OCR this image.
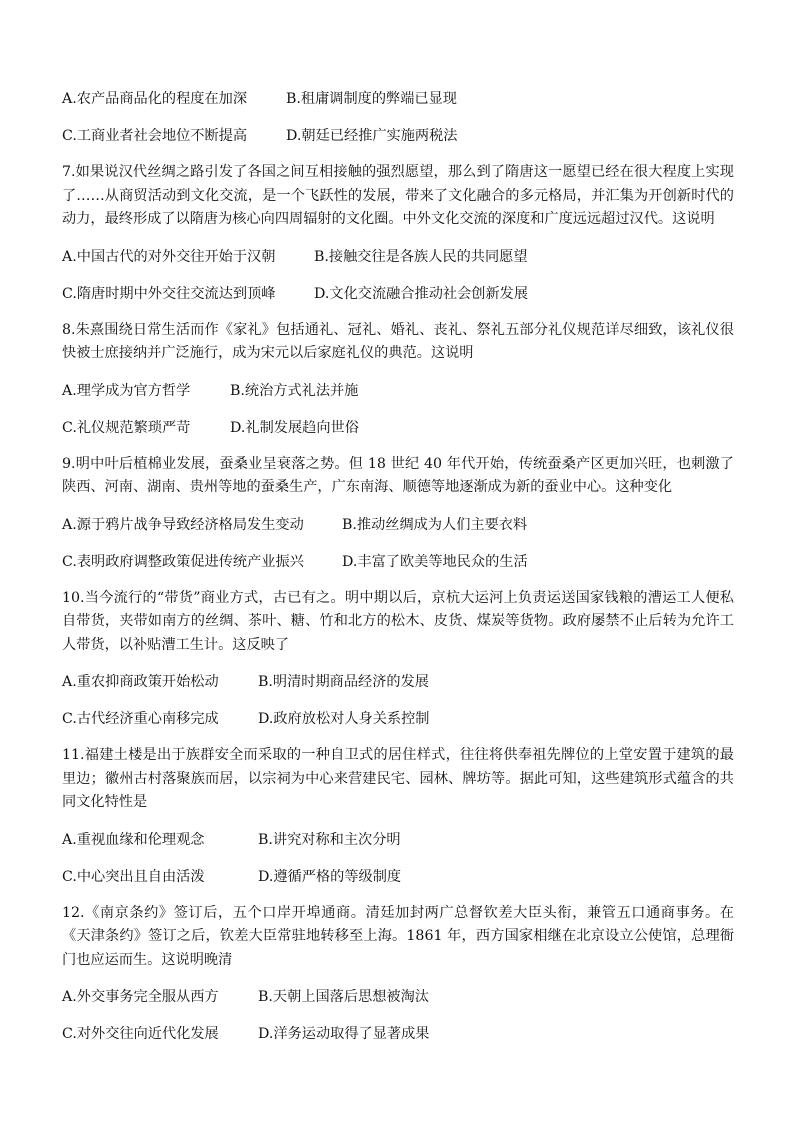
A.农产品商品化的程度在加深	B.租庸调制度的弊端已显现
C.工商业者社会地位不断提高	D.朝廷已经推广实施两税法

7.如果说汉代丝绸之路引发了各国之间互相接触的强烈愿望，那么到了隋唐这一愿望已经在很大程度上实现了……从商贸活动到文化交流，是一个飞跃性的发展，带来了文化融合的多元格局，并汇集为开创新时代的动力，最终形成了以隋唐为核心向四周辐射的文化圈。中外文化交流的深度和广度远远超过汉代。这说明

A.中国古代的对外交往开始于汉朝	B.接触交往是各族人民的共同愿望
C.隋唐时期中外交往交流达到顶峰	D.文化交流融合推动社会创新发展

8.朱熹围绕日常生活而作《家礼》包括通礼、冠礼、婚礼、丧礼、祭礼五部分礼仪规范详尽细致，该礼仪很快被士庶接纳并广泛施行，成为宋元以后家庭礼仪的典范。这说明

A.理学成为官方哲学	B.统治方式礼法并施
C.礼仪规范繁琐严苛	D.礼制发展趋向世俗

9.明中叶后植棉业发展，蚕桑业呈衰落之势。但 18 世纪 40 年代开始，传统蚕桑产区更加兴旺，也刺激了陕西、河南、湖南、贵州等地的蚕桑生产，广东南海、顺德等地逐渐成为新的蚕业中心。这种变化

A.源于鸦片战争导致经济格局发生变动	B.推动丝绸成为人们主要衣料
C.表明政府调整政策促进传统产业振兴	D.丰富了欧美等地民众的生活

10.当今流行的“带货”商业方式，古已有之。明中期以后，京杭大运河上负责运送国家钱粮的漕运工人便私自带货，夹带如南方的丝绸、茶叶、糖、竹和北方的松木、皮货、煤炭等货物。政府屡禁不止后转为允许工人带货，以补贴漕工生计。这反映了

A.重农抑商政策开始松动	B.明清时期商品经济的发展
C.古代经济重心南移完成	D.政府放松对人身关系控制

11.福建土楼是出于族群安全而采取的一种自卫式的居住样式，往往将供奉祖先牌位的上堂安置于建筑的最里边；徽州古村落聚族而居，以宗祠为中心来营建民宅、园林、牌坊等。据此可知，这些建筑形式蕴含的共同文化特性是

A.重视血缘和伦理观念	B.讲究对称和主次分明
C.中心突出且自由活泼	D.遵循严格的等级制度

12.《南京条约》签订后，五个口岸开埠通商。清廷加封两广总督钦差大臣头衔，兼管五口通商事务。在《天津条约》签订之后，钦差大臣常驻地转移至上海。1861 年，西方国家相继在北京设立公使馆，总理衙门也应运而生。这说明晚清

A.外交事务完全服从西方	B.天朝上国落后思想被淘汰
C.对外交往向近代化发展	D.洋务运动取得了显著成果
